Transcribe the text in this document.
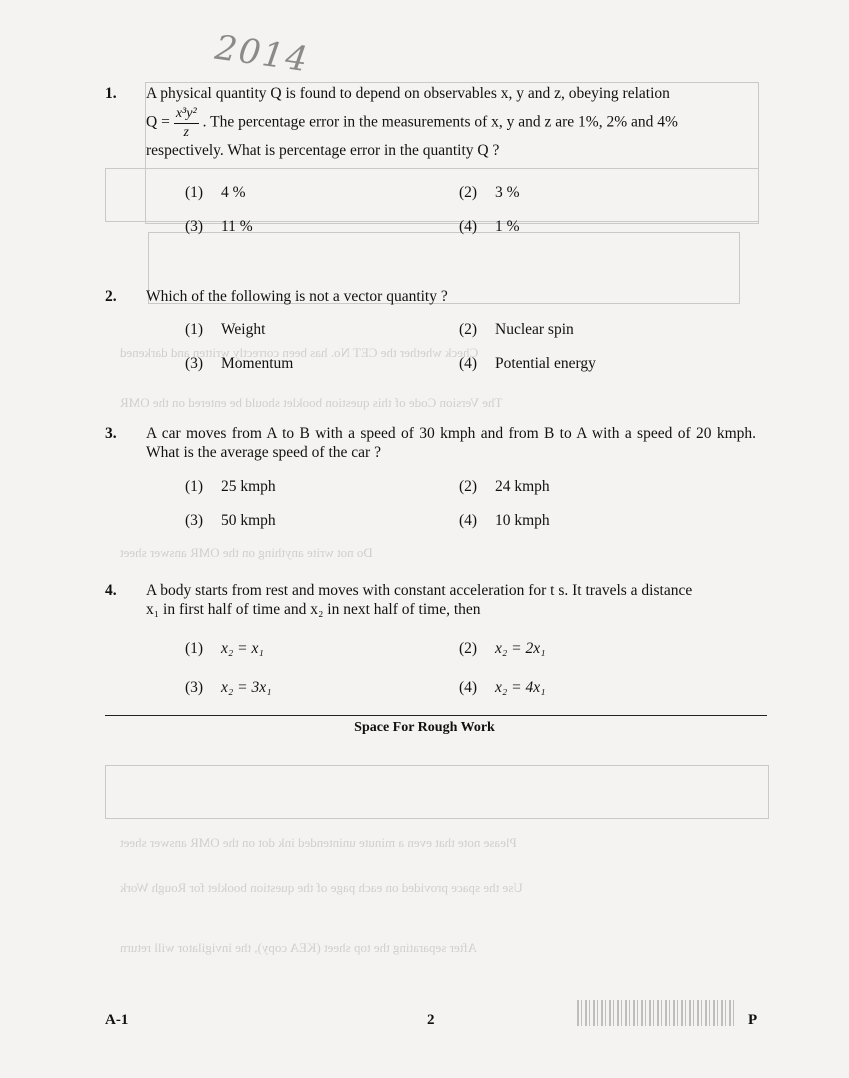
Check whether the CET No. has been correctly written and darkened
The Version Code of this question booklet should be entered on the OMR
Do not write anything on the OMR answer sheet
Please note that even a minute unintended ink dot on the OMR answer sheet
Use the space provided on each page of the question booklet for Rough Work
After separating the top sheet (KEA copy), the invigilator will return
2014
1. A physical quantity Q is found to depend on observables x, y and z, obeying relation
$Q = \frac{\text{x³y²}}{z}$ . The percentage error in the measurements of x, y and z are 1%, 2% and 4%
respectively. What is percentage error in the quantity Q ?
(1) 4 %	(2) 3 %
(3) 11 %	(4) 1 %
2. Which of the following is not a vector quantity ?
(1) Weight	(2) Nuclear spin
(3) Momentum	(4) Potential energy
3. A car moves from A to B with a speed of 30 kmph and from B to A with a speed of 20 kmph. What is the average speed of the car ?
(1) 25 kmph	(2) 24 kmph
(3) 50 kmph	(4) 10 kmph
4. A body starts from rest and moves with constant acceleration for t s. It travels a distance
x₁ in first half of time and x₂ in next half of time, then
(1) x₂ = x₁	(2) x₂ = 2x₁
(3) x₂ = 3x₁	(4) x₂ = 4x₁
Space For Rough Work
A-1	2	P
